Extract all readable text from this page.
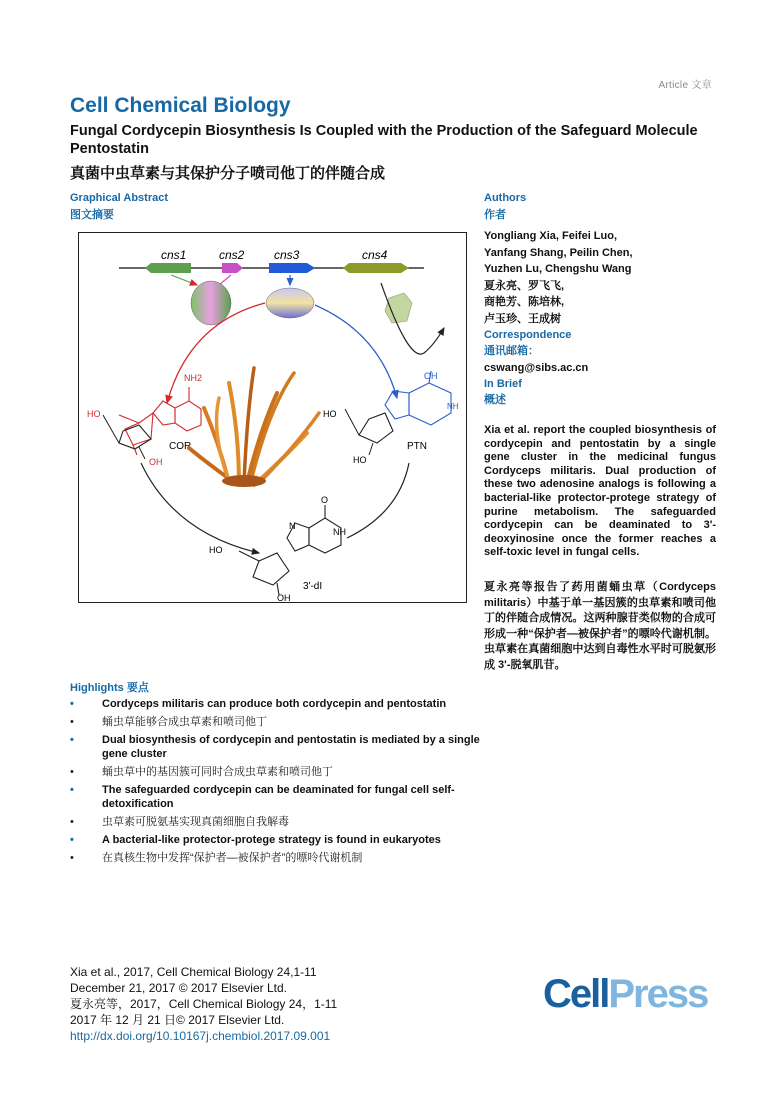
Article 文章
Cell Chemical Biology
Fungal Cordycepin Biosynthesis Is Coupled with the Production of the Safeguard Molecule Pentostatin
真菌中虫草素与其保护分子喷司他丁的伴随合成
Graphical Abstract
图文摘要
cns1	cns2 cns3	cns4
NH2
HO
OH
COR
OH
NH
HO
HO
PTN
O
NH
N
HO
OH
3'-dI
Authors
作者
Yongliang Xia, Feifei Luo,
Yanfang Shang, Peilin Chen,
Yuzhen Lu, Chengshu Wang
夏永亮、罗飞飞,
商艳芳、陈培林,
卢玉珍、王成树
Correspondence
通讯邮箱：
cswang@sibs.ac.cn
In Brief
概述
Xia et al. report the coupled biosynthesis of cordycepin and pentostatin by a single gene cluster in the medicinal fungus Cordyceps militaris. Dual production of these two adenosine analogs is following a bacterial-like protector-protege strategy of purine metabolism. The safeguarded cordycepin can be deaminated to 3'-deoxyinosine once the former reaches a self-toxic level in fungal cells.
夏永亮等报告了药用菌蛹虫草（Cordyceps militaris）中基于单一基因簇的虫草素和喷司他丁的伴随合成情况。这两种腺苷类似物的合成可形成一种“保护者—被保护者”的嘌呤代谢机制。虫草素在真菌细胞中达到自毒性水平时可脱氨形成 3'-脱氧肌苷。
Highlights 要点
•	Cordyceps militaris can produce both cordycepin and pentostatin
•	蛹虫草能够合成虫草素和喷司他丁
•	Dual biosynthesis of cordycepin and pentostatin is mediated by a single gene cluster
•	蛹虫草中的基因簇可同时合成虫草素和喷司他丁
•	The safeguarded cordycepin can be deaminated for fungal cell self-detoxification
•	虫草素可脱氨基实现真菌细胞自我解毒
•	A bacterial-like protector-protege strategy is found in eukaryotes
•	在真核生物中发挥“保护者—被保护者”的嘌呤代谢机制
Xia et al., 2017, Cell Chemical Biology 24,1-11
December 21, 2017 © 2017 Elsevier Ltd.
夏永亮等，2017，Cell Chemical Biology 24，1-11
2017 年 12 月 21 日© 2017 Elsevier Ltd.
http://dx.doi.org/10.10167j.chembiol.2017.09.001
CellPress
